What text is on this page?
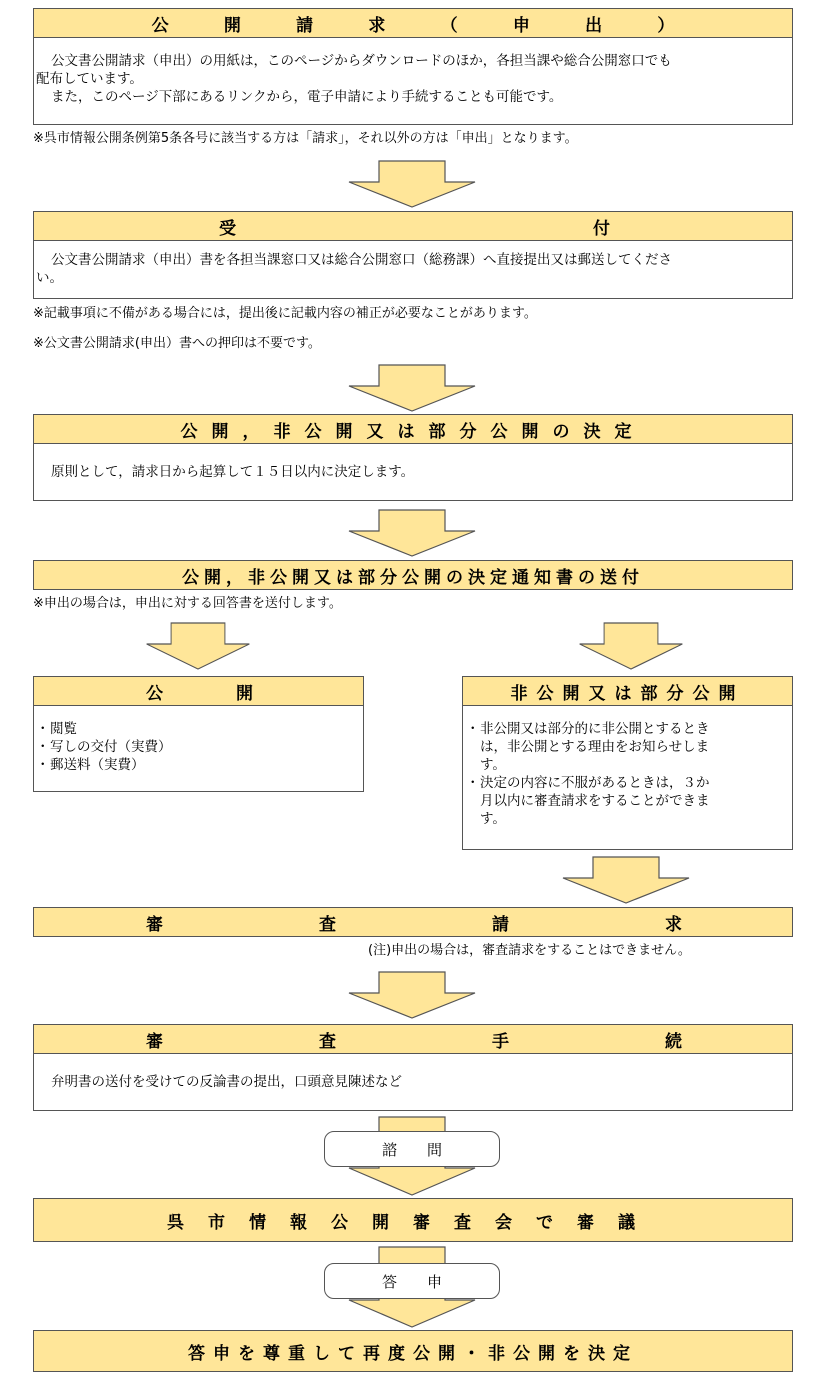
公	開	請	求	（	申	出	）
公文書公開請求（申出）の用紙は，このページからダウンロードのほか，各担当課や総合公開窓口でも
配布しています。
また，このページ下部にあるリンクから，電子申請により手続することも可能です。
※呉市情報公開条例第5条各号に該当する方は「請求」，それ以外の方は「申出」となります。
受	付
公文書公開請求（申出）書を各担当課窓口又は総合公開窓口（総務課）へ直接提出又は郵送してくださ
い。
※記載事項に不備がある場合には，提出後に記載内容の補正が必要なことがあります。
※公文書公開請求(申出）書への押印は不要です。
公開，非公開又は部分公開の決定
原則として，請求日から起算して１５日以内に決定します。
公開，非公開又は部分公開の決定通知書の送付
※申出の場合は，申出に対する回答書を送付します。
公	開
・ 閲覧
・ 写しの交付（実費）
・ 郵送料（実費）
非公開又は部分公開
・ 非公開又は部分的に非公開とするとき
は，非公開とする理由をお知らせしま
す。
・ 決定の内容に不服があるときは，３か
月以内に審査請求をすることができま
す。
審	査	請	求
(注)申出の場合は，審査請求をすることはできません。
審	査	手	続
弁明書の送付を受けての反論書の提出，口頭意見陳述など
諮　　問
呉市情報公開審査会で審議
答　　申
答申を尊重して再度公開・非公開を決定
